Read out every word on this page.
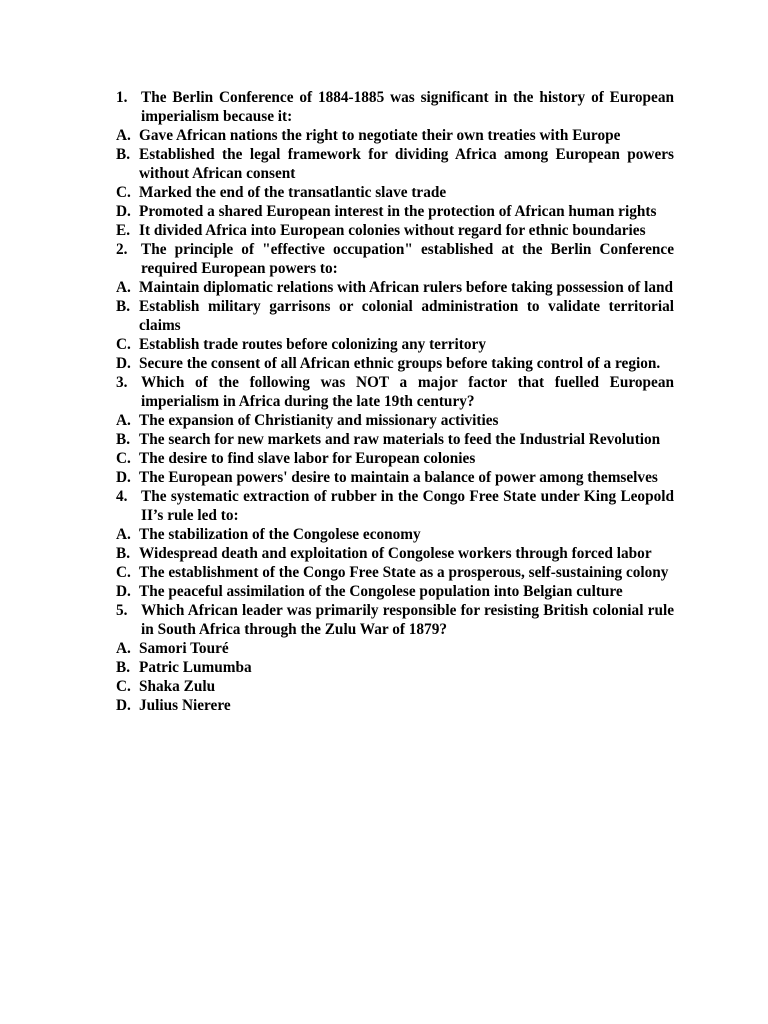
1. The Berlin Conference of 1884-1885 was significant in the history of European imperialism because it:
A. Gave African nations the right to negotiate their own treaties with Europe
B. Established the legal framework for dividing Africa among European powers without African consent
C. Marked the end of the transatlantic slave trade
D. Promoted a shared European interest in the protection of African human rights
E. It divided Africa into European colonies without regard for ethnic boundaries
2. The principle of "effective occupation" established at the Berlin Conference required European powers to:
A. Maintain diplomatic relations with African rulers before taking possession of land
B. Establish military garrisons or colonial administration to validate territorial claims
C. Establish trade routes before colonizing any territory
D. Secure the consent of all African ethnic groups before taking control of a region.
3. Which of the following was NOT a major factor that fuelled European imperialism in Africa during the late 19th century?
A. The expansion of Christianity and missionary activities
B. The search for new markets and raw materials to feed the Industrial Revolution
C. The desire to find slave labor for European colonies
D. The European powers' desire to maintain a balance of power among themselves
4. The systematic extraction of rubber in the Congo Free State under King Leopold II’s rule led to:
A. The stabilization of the Congolese economy
B. Widespread death and exploitation of Congolese workers through forced labor
C. The establishment of the Congo Free State as a prosperous, self-sustaining colony
D. The peaceful assimilation of the Congolese population into Belgian culture
5. Which African leader was primarily responsible for resisting British colonial rule in South Africa through the Zulu War of 1879?
A. Samori Touré
B. Patric Lumumba
C. Shaka Zulu
D. Julius Nierere
